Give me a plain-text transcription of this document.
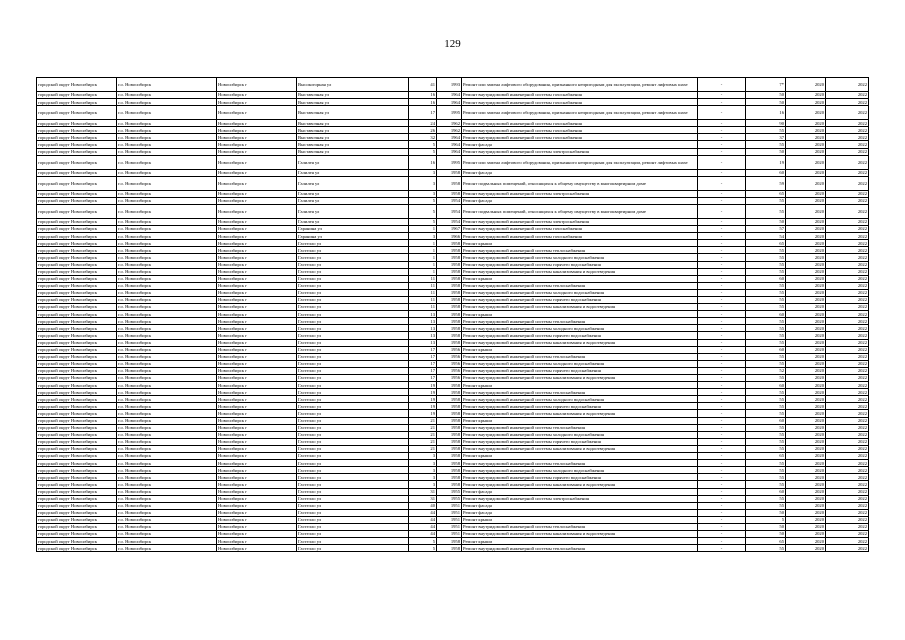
129
городской округ Новосибирск	г.о. Новосибирск	Новосибирск г	Высокогорная ул	41	1993	Ремонт или замена лифтового оборудования, признанного непригодным для эксплуатации, ремонт лифтовых шахт	-	7*	2020	2022
городской округ Новосибирск	г.о. Новосибирск	Новосибирск г	Выставочная ул	16	1964	Ремонт внутридомовой инженерной системы газоснабжения	-	50	2020	2022
городской округ Новосибирск	г.о. Новосибирск	Новосибирск г	Выставочная ул	16	1964	Ремонт внутридомовой инженерной системы газоснабжения	-	50	2020	2022
городской округ Новосибирск	г.о. Новосибирск	Новосибирск г	Выставочная ул	17	1995	Ремонт или замена лифтового оборудования, признанного непригодным для эксплуатации, ремонт лифтовых шахт	-	16	2020	2022
городской округ Новосибирск	г.о. Новосибирск	Новосибирск г	Выставочная ул	24	1962	Ремонт внутридомовой инженерной системы газоснабжения	-	90	2020	2022
городской округ Новосибирск	г.о. Новосибирск	Новосибирск г	Выставочная ул	26	1962	Ремонт внутридомовой инженерной системы газоснабжения	-	55	2020	2022
городской округ Новосибирск	г.о. Новосибирск	Новосибирск г	Выставочная ул	32	1964	Ремонт внутридомовой инженерной системы газоснабжения	-	37	2020	2022
городской округ Новосибирск	г.о. Новосибирск	Новосибирск г	Выставочная ул	5	1964	Ремонт фасада	-	55	2020	2022
городской округ Новосибирск	г.о. Новосибирск	Новосибирск г	Выставочная ул	5	1964	Ремонт внутридомовой инженерной системы электроснабжения	-	50	2020	2022
городской округ Новосибирск	г.о. Новосибирск	Новосибирск г	Галилея ул	16	1995	Ремонт или замена лифтового оборудования, признанного непригодным для эксплуатации, ремонт лифтовых шахт	-	19	2020	2022
городской округ Новосибирск	г.о. Новосибирск	Новосибирск г	Галилея ул	3	1958	Ремонт фасада	-	60	2020	2022
городской округ Новосибирск	г.о. Новосибирск	Новосибирск г	Галилея ул	3	1958	Ремонт подвальных помещений, относящихся к общему имуществу в многоквартирном доме	-	59	2020	2022
городской округ Новосибирск	г.о. Новосибирск	Новосибирск г	Галилея ул	3	1958	Ремонт внутридомовой инженерной системы электроснабжения	-	65	2020	2022
городской округ Новосибирск	г.о. Новосибирск	Новосибирск г	Галилея ул	5	1954	Ремонт фасада	-	55	2020	2022
городской округ Новосибирск	г.о. Новосибирск	Новосибирск г	Галилея ул	5	1954	Ремонт подвальных помещений, относящихся к общему имуществу в многоквартирном доме	-	55	2020	2022
городской округ Новосибирск	г.о. Новосибирск	Новосибирск г	Галилея ул	5	1954	Ремонт внутридомовой инженерной системы электроснабжения	-	50	2020	2022
городской округ Новосибирск	г.о. Новосибирск	Новосибирск г	Гаранина ул	1	1967	Ремонт внутридомовой инженерной системы газоснабжения	-	57	2020	2022
городской округ Новосибирск	г.о. Новосибирск	Новосибирск г	Гаранина ул	3	1966	Ремонт внутридомовой инженерной системы газоснабжения	-	54	2020	2022
городской округ Новосибирск	г.о. Новосибирск	Новосибирск г	Гастелло ул	1	1958	Ремонт крыши	-	65	2020	2022
городской округ Новосибирск	г.о. Новосибирск	Новосибирск г	Гастелло ул	1	1958	Ремонт внутридомовой инженерной системы теплоснабжения	-	55	2020	2022
городской округ Новосибирск	г.о. Новосибирск	Новосибирск г	Гастелло ул	1	1958	Ремонт внутридомовой инженерной системы холодного водоснабжения	-	55	2020	2022
городской округ Новосибирск	г.о. Новосибирск	Новосибирск г	Гастелло ул	1	1958	Ремонт внутридомовой инженерной системы горячего водоснабжения	-	55	2020	2022
городской округ Новосибирск	г.о. Новосибирск	Новосибирск г	Гастелло ул	1	1958	Ремонт внутридомовой инженерной системы канализования и водоотведения	-	55	2020	2022
городской округ Новосибирск	г.о. Новосибирск	Новосибирск г	Гастелло ул	11	1958	Ремонт крыши	-	60	2020	2022
городской округ Новосибирск	г.о. Новосибирск	Новосибирск г	Гастелло ул	11	1958	Ремонт внутридомовой инженерной системы теплоснабжения	-	55	2020	2022
городской округ Новосибирск	г.о. Новосибирск	Новосибирск г	Гастелло ул	11	1958	Ремонт внутридомовой инженерной системы холодного водоснабжения	-	55	2020	2022
городской округ Новосибирск	г.о. Новосибирск	Новосибирск г	Гастелло ул	11	1958	Ремонт внутридомовой инженерной системы горячего водоснабжения	-	55	2020	2022
городской округ Новосибирск	г.о. Новосибирск	Новосибирск г	Гастелло ул	11	1958	Ремонт внутридомовой инженерной системы канализования и водоотведения	-	55	2020	2022
городской округ Новосибирск	г.о. Новосибирск	Новосибирск г	Гастелло ул	13	1958	Ремонт крыши	-	60	2020	2022
городской округ Новосибирск	г.о. Новосибирск	Новосибирск г	Гастелло ул	13	1958	Ремонт внутридомовой инженерной системы теплоснабжения	-	55	2020	2022
городской округ Новосибирск	г.о. Новосибирск	Новосибирск г	Гастелло ул	13	1958	Ремонт внутридомовой инженерной системы холодного водоснабжения	-	55	2020	2022
городской округ Новосибирск	г.о. Новосибирск	Новосибирск г	Гастелло ул	13	1958	Ремонт внутридомовой инженерной системы горячего водоснабжения	-	55	2020	2022
городской округ Новосибирск	г.о. Новосибирск	Новосибирск г	Гастелло ул	13	1958	Ремонт внутридомовой инженерной системы канализования и водоотведения	-	55	2020	2022
городской округ Новосибирск	г.о. Новосибирск	Новосибирск г	Гастелло ул	17	1956	Ремонт крыши	-	60	2020	2022
городской округ Новосибирск	г.о. Новосибирск	Новосибирск г	Гастелло ул	17	1956	Ремонт внутридомовой инженерной системы теплоснабжения	-	55	2020	2022
городской округ Новосибирск	г.о. Новосибирск	Новосибирск г	Гастелло ул	17	1956	Ремонт внутридомовой инженерной системы холодного водоснабжения	-	55	2020	2022
городской округ Новосибирск	г.о. Новосибирск	Новосибирск г	Гастелло ул	17	1956	Ремонт внутридомовой инженерной системы горячего водоснабжения	-	52	2020	2022
городской округ Новосибирск	г.о. Новосибирск	Новосибирск г	Гастелло ул	17	1956	Ремонт внутридомовой инженерной системы канализования и водоотведения	-	55	2020	2022
городской округ Новосибирск	г.о. Новосибирск	Новосибирск г	Гастелло ул	19	1958	Ремонт крыши	-	60	2020	2022
городской округ Новосибирск	г.о. Новосибирск	Новосибирск г	Гастелло ул	19	1958	Ремонт внутридомовой инженерной системы теплоснабжения	-	55	2020	2022
городской округ Новосибирск	г.о. Новосибирск	Новосибирск г	Гастелло ул	19	1958	Ремонт внутридомовой инженерной системы холодного водоснабжения	-	55	2020	2022
городской округ Новосибирск	г.о. Новосибирск	Новосибирск г	Гастелло ул	19	1958	Ремонт внутридомовой инженерной системы горячего водоснабжения	-	55	2020	2022
городской округ Новосибирск	г.о. Новосибирск	Новосибирск г	Гастелло ул	19	1958	Ремонт внутридомовой инженерной системы канализования и водоотведения	-	55	2020	2022
городской округ Новосибирск	г.о. Новосибирск	Новосибирск г	Гастелло ул	21	1958	Ремонт крыши	-	60	2020	2022
городской округ Новосибирск	г.о. Новосибирск	Новосибирск г	Гастелло ул	21	1958	Ремонт внутридомовой инженерной системы теплоснабжения	-	55	2020	2022
городской округ Новосибирск	г.о. Новосибирск	Новосибирск г	Гастелло ул	21	1958	Ремонт внутридомовой инженерной системы холодного водоснабжения	-	55	2020	2022
городской округ Новосибирск	г.о. Новосибирск	Новосибирск г	Гастелло ул	21	1958	Ремонт внутридомовой инженерной системы горячего водоснабжения	-	55	2020	2022
городской округ Новосибирск	г.о. Новосибирск	Новосибирск г	Гастелло ул	21	1958	Ремонт внутридомовой инженерной системы канализования и водоотведения	-	55	2020	2022
городской округ Новосибирск	г.о. Новосибирск	Новосибирск г	Гастелло ул	3	1958	Ремонт крыши	-	65	2020	2022
городской округ Новосибирск	г.о. Новосибирск	Новосибирск г	Гастелло ул	3	1958	Ремонт внутридомовой инженерной системы теплоснабжения	-	55	2020	2022
городской округ Новосибирск	г.о. Новосибирск	Новосибирск г	Гастелло ул	3	1958	Ремонт внутридомовой инженерной системы холодного водоснабжения	-	55	2020	2022
городской округ Новосибирск	г.о. Новосибирск	Новосибирск г	Гастелло ул	3	1958	Ремонт внутридомовой инженерной системы горячего водоснабжения	-	55	2020	2022
городской округ Новосибирск	г.о. Новосибирск	Новосибирск г	Гастелло ул	3	1958	Ремонт внутридомовой инженерной системы канализования и водоотведения	-	55	2020	2022
городской округ Новосибирск	г.о. Новосибирск	Новосибирск г	Гастелло ул	31	1955	Ремонт фасада	-	60	2020	2022
городской округ Новосибирск	г.о. Новосибирск	Новосибирск г	Гастелло ул	31	1955	Ремонт внутридомовой инженерной системы электроснабжения	-	55	2020	2022
городской округ Новосибирск	г.о. Новосибирск	Новосибирск г	Гастелло ул	40	1951	Ремонт фасада	-	55	2020	2022
городской округ Новосибирск	г.о. Новосибирск	Новосибирск г	Гастелло ул	44	1951	Ремонт фасада	-	50	2020	2022
городской округ Новосибирск	г.о. Новосибирск	Новосибирск г	Гастелло ул	44	1951	Ремонт крыши	-	5	2020	2022
городской округ Новосибирск	г.о. Новосибирск	Новосибирск г	Гастелло ул	44	1951	Ремонт внутридомовой инженерной системы теплоснабжения	-	50	2020	2022
городской округ Новосибирск	г.о. Новосибирск	Новосибирск г	Гастелло ул	44	1951	Ремонт внутридомовой инженерной системы канализования и водоотведения	-	50	2020	2022
городской округ Новосибирск	г.о. Новосибирск	Новосибирск г	Гастелло ул	5	1958	Ремонт крыши	-	65	2020	2022
городской округ Новосибирск	г.о. Новосибирск	Новосибирск г	Гастелло ул	5	1958	Ремонт внутридомовой инженерной системы теплоснабжения	-	55	2020	2022
